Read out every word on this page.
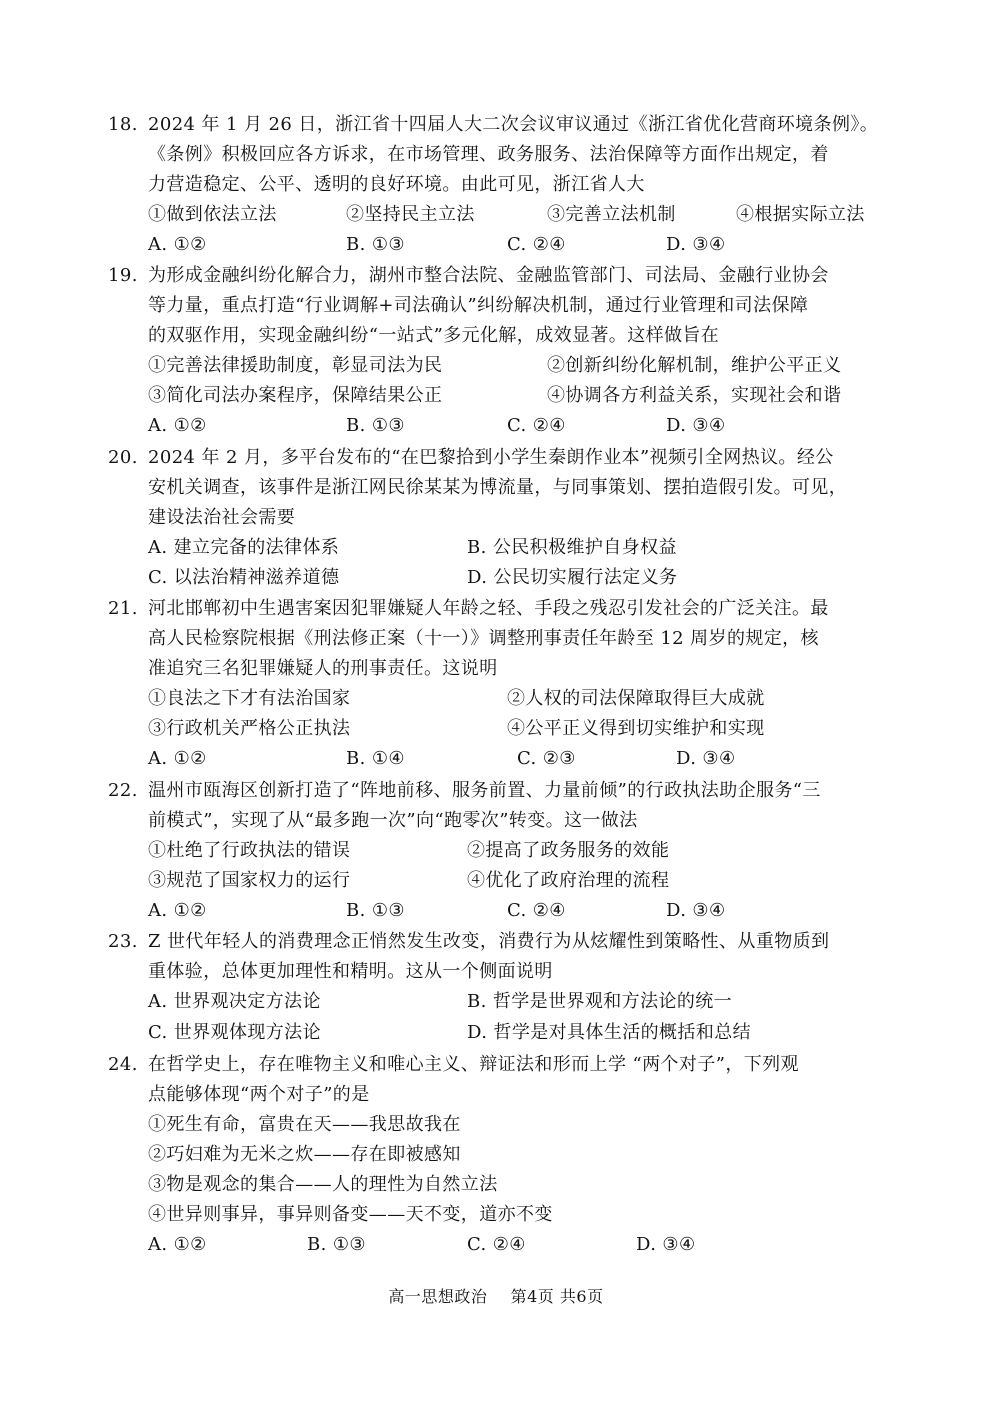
18. 2024 年 1 月 26 日，浙江省十四届人大二次会议审议通过《浙江省优化营商环境条例》。
《条例》积极回应各方诉求，在市场管理、政务服务、法治保障等方面作出规定，着
力营造稳定、公平、透明的良好环境。由此可见，浙江省人大
①做到依法立法	②坚持民主立法	③完善立法机制	④根据实际立法
A. ①②	B. ①③	C. ②④	D. ③④
19. 为形成金融纠纷化解合力，湖州市整合法院、金融监管部门、司法局、金融行业协会
等力量，重点打造“行业调解+司法确认”纠纷解决机制，通过行业管理和司法保障
的双驱作用，实现金融纠纷“一站式”多元化解，成效显著。这样做旨在
①完善法律援助制度，彰显司法为民	②创新纠纷化解机制，维护公平正义
③简化司法办案程序，保障结果公正	④协调各方利益关系，实现社会和谐
A. ①②	B. ①③	C. ②④	D. ③④
20. 2024 年 2 月，多平台发布的“在巴黎拾到小学生秦朗作业本”视频引全网热议。经公
安机关调查，该事件是浙江网民徐某某为博流量，与同事策划、摆拍造假引发。可见，
建设法治社会需要
A. 建立完备的法律体系	B. 公民积极维护自身权益
C. 以法治精神滋养道德	D. 公民切实履行法定义务
21. 河北邯郸初中生遇害案因犯罪嫌疑人年龄之轻、手段之残忍引发社会的广泛关注。最
高人民检察院根据《刑法修正案（十一）》调整刑事责任年龄至 12 周岁的规定，核
准追究三名犯罪嫌疑人的刑事责任。这说明
①良法之下才有法治国家	②人权的司法保障取得巨大成就
③行政机关严格公正执法	④公平正义得到切实维护和实现
A. ①②	B. ①④	C. ②③	D. ③④
22. 温州市瓯海区创新打造了“阵地前移、服务前置、力量前倾”的行政执法助企服务“三
前模式”，实现了从“最多跑一次”向“跑零次”转变。这一做法
①杜绝了行政执法的错误	②提高了政务服务的效能
③规范了国家权力的运行	④优化了政府治理的流程
A. ①②	B. ①③	C. ②④	D. ③④
23. Z 世代年轻人的消费理念正悄然发生改变，消费行为从炫耀性到策略性、从重物质到
重体验，总体更加理性和精明。这从一个侧面说明
A. 世界观决定方法论	B. 哲学是世界观和方法论的统一
C. 世界观体现方法论	D. 哲学是对具体生活的概括和总结
24. 在哲学史上，存在唯物主义和唯心主义、辩证法和形而上学 “两个对子”，下列观
点能够体现“两个对子”的是
①死生有命，富贵在天——我思故我在
②巧妇难为无米之炊——存在即被感知
③物是观念的集合——人的理性为自然立法
④世异则事异，事异则备变——天不变，道亦不变
A. ①②	B. ①③	C. ②④	D. ③④
高一思想政治 第4页 共6页
